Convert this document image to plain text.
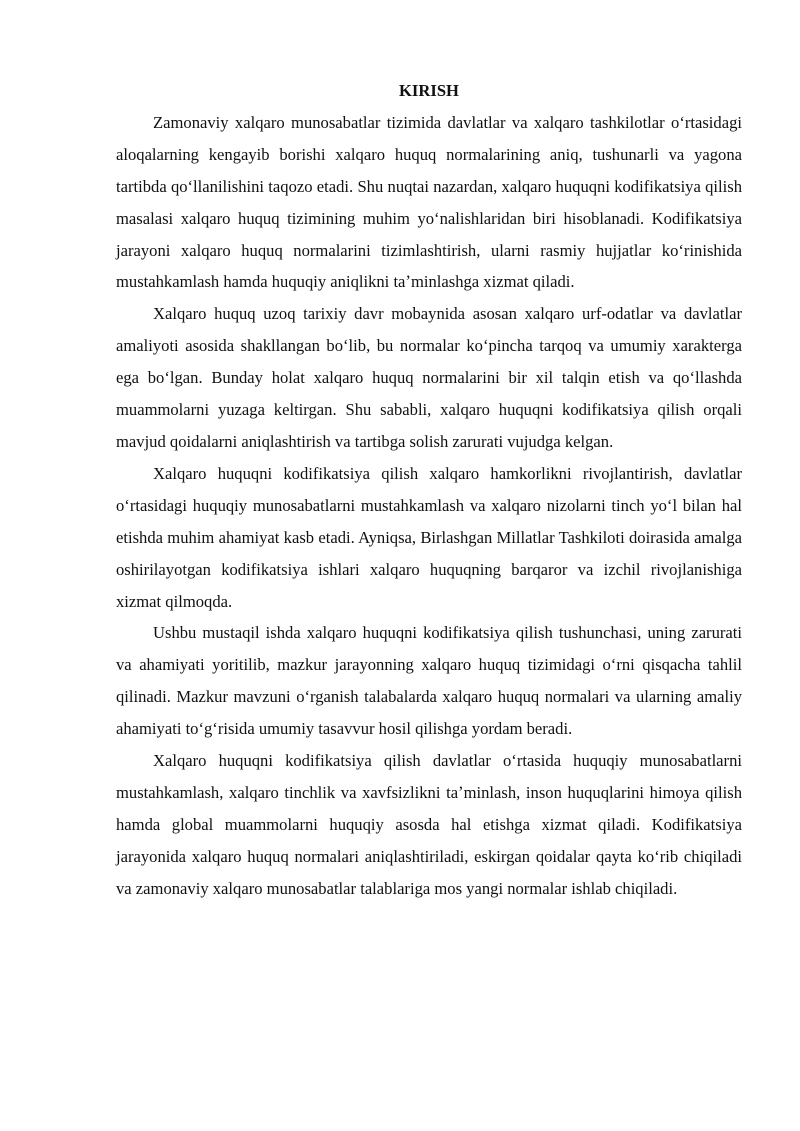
KIRISH

Zamonaviy xalqaro munosabatlar tizimida davlatlar va xalqaro tashkilotlar oʻrtasidagi aloqalarning kengayib borishi xalqaro huquq normalarining aniq, tushunarli va yagona tartibda qoʻllanilishini taqozo etadi. Shu nuqtai nazardan, xalqaro huquqni kodifikatsiya qilish masalasi xalqaro huquq tizimining muhim yoʻnalishlaridan biri hisoblanadi. Kodifikatsiya jarayoni xalqaro huquq normalarini tizimlashtirish, ularni rasmiy hujjatlar koʻrinishida mustahkamlash hamda huquqiy aniqlikni taʼminlashga xizmat qiladi.

Xalqaro huquq uzoq tarixiy davr mobaynida asosan xalqaro urf-odatlar va davlatlar amaliyoti asosida shakllangan boʻlib, bu normalar koʻpincha tarqoq va umumiy xarakterga ega boʻlgan. Bunday holat xalqaro huquq normalarini bir xil talqin etish va qoʻllashda muammolarni yuzaga keltirgan. Shu sababli, xalqaro huquqni kodifikatsiya qilish orqali mavjud qoidalarni aniqlashtirish va tartibga solish zarurati vujudga kelgan.

Xalqaro huquqni kodifikatsiya qilish xalqaro hamkorlikni rivojlantirish, davlatlar oʻrtasidagi huquqiy munosabatlarni mustahkamlash va xalqaro nizolarni tinch yoʻl bilan hal etishda muhim ahamiyat kasb etadi. Ayniqsa, Birlashgan Millatlar Tashkiloti doirasida amalga oshirilayotgan kodifikatsiya ishlari xalqaro huquqning barqaror va izchil rivojlanishiga xizmat qilmoqda.

Ushbu mustaqil ishda xalqaro huquqni kodifikatsiya qilish tushunchasi, uning zarurati va ahamiyati yoritilib, mazkur jarayonning xalqaro huquq tizimidagi oʻrni qisqacha tahlil qilinadi. Mazkur mavzuni oʻrganish talabalarda xalqaro huquq normalari va ularning amaliy ahamiyati toʻgʻrisida umumiy tasavvur hosil qilishga yordam beradi.

Xalqaro huquqni kodifikatsiya qilish davlatlar oʻrtasida huquqiy munosabatlarni mustahkamlash, xalqaro tinchlik va xavfsizlikni taʼminlash, inson huquqlarini himoya qilish hamda global muammolarni huquqiy asosda hal etishga xizmat qiladi. Kodifikatsiya jarayonida xalqaro huquq normalari aniqlashtiriladi, eskirgan qoidalar qayta koʻrib chiqiladi va zamonaviy xalqaro munosabatlar talablariga mos yangi normalar ishlab chiqiladi.
